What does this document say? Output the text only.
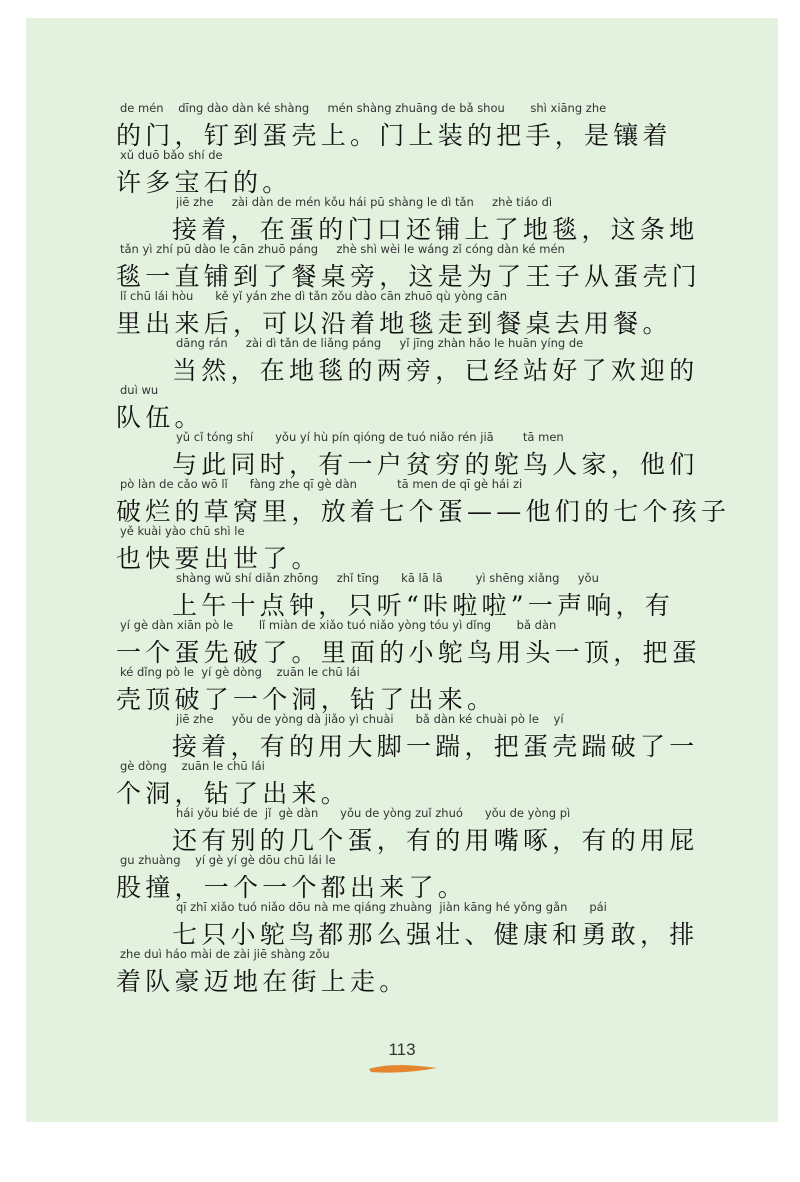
de mén    dīng dào dàn ké shàng     mén shàng zhuāng de bǎ shou       shì xiāng zhe
的门，钉到蛋壳上。门上装的把手，是镶着
xǔ duō bǎo shí de
许多宝石的。
jiē zhe     zài dàn de mén kǒu hái pū shàng le dì tǎn     zhè tiáo dì
接着，在蛋的门口还铺上了地毯，这条地
tǎn yì zhí pū dào le cān zhuō páng     zhè shì wèi le wáng zǐ cóng dàn ké mén
毯一直铺到了餐桌旁，这是为了王子从蛋壳门
lǐ chū lái hòu      kě yǐ yán zhe dì tǎn zǒu dào cān zhuō qù yòng cān
里出来后，可以沿着地毯走到餐桌去用餐。
dāng rán     zài dì tǎn de liǎng páng     yǐ jīng zhàn hǎo le huān yíng de
当然，在地毯的两旁，已经站好了欢迎的
duì wu
队伍。
yǔ cǐ tóng shí      yǒu yí hù pín qióng de tuó niǎo rén jiā        tā men
与此同时，有一户贫穷的鸵鸟人家，他们
pò làn de cǎo wō lǐ      fàng zhe qī gè dàn           tā men de qī gè hái zi
破烂的草窝里，放着七个蛋——他们的七个孩子
yě kuài yào chū shì le
也快要出世了。
shàng wǔ shí diǎn zhōng     zhǐ tīng      kā lā lā         yì shēng xiǎng     yǒu
上午十点钟，只听“咔啦啦”一声响，有
yí gè dàn xiān pò le       lǐ miàn de xiǎo tuó niǎo yòng tóu yì dǐng       bǎ dàn
一个蛋先破了。里面的小鸵鸟用头一顶，把蛋
ké dǐng pò le  yí gè dòng    zuān le chū lái
壳顶破了一个洞，钻了出来。
jiē zhe     yǒu de yòng dà jiǎo yì chuài      bǎ dàn ké chuài pò le    yí
接着，有的用大脚一踹，把蛋壳踹破了一
gè dòng    zuān le chū lái
个洞，钻了出来。
hái yǒu bié de  jǐ  gè dàn      yǒu de yòng zuǐ zhuó      yǒu de yòng pì
还有别的几个蛋，有的用嘴啄，有的用屁
gu zhuàng    yí gè yí gè dōu chū lái le
股撞，一个一个都出来了。
qī zhī xiǎo tuó niǎo dōu nà me qiáng zhuàng  jiàn kāng hé yǒng gǎn      pái
七只小鸵鸟都那么强壮、健康和勇敢，排
zhe duì háo mài de zài jiē shàng zǒu
着队豪迈地在街上走。
113
